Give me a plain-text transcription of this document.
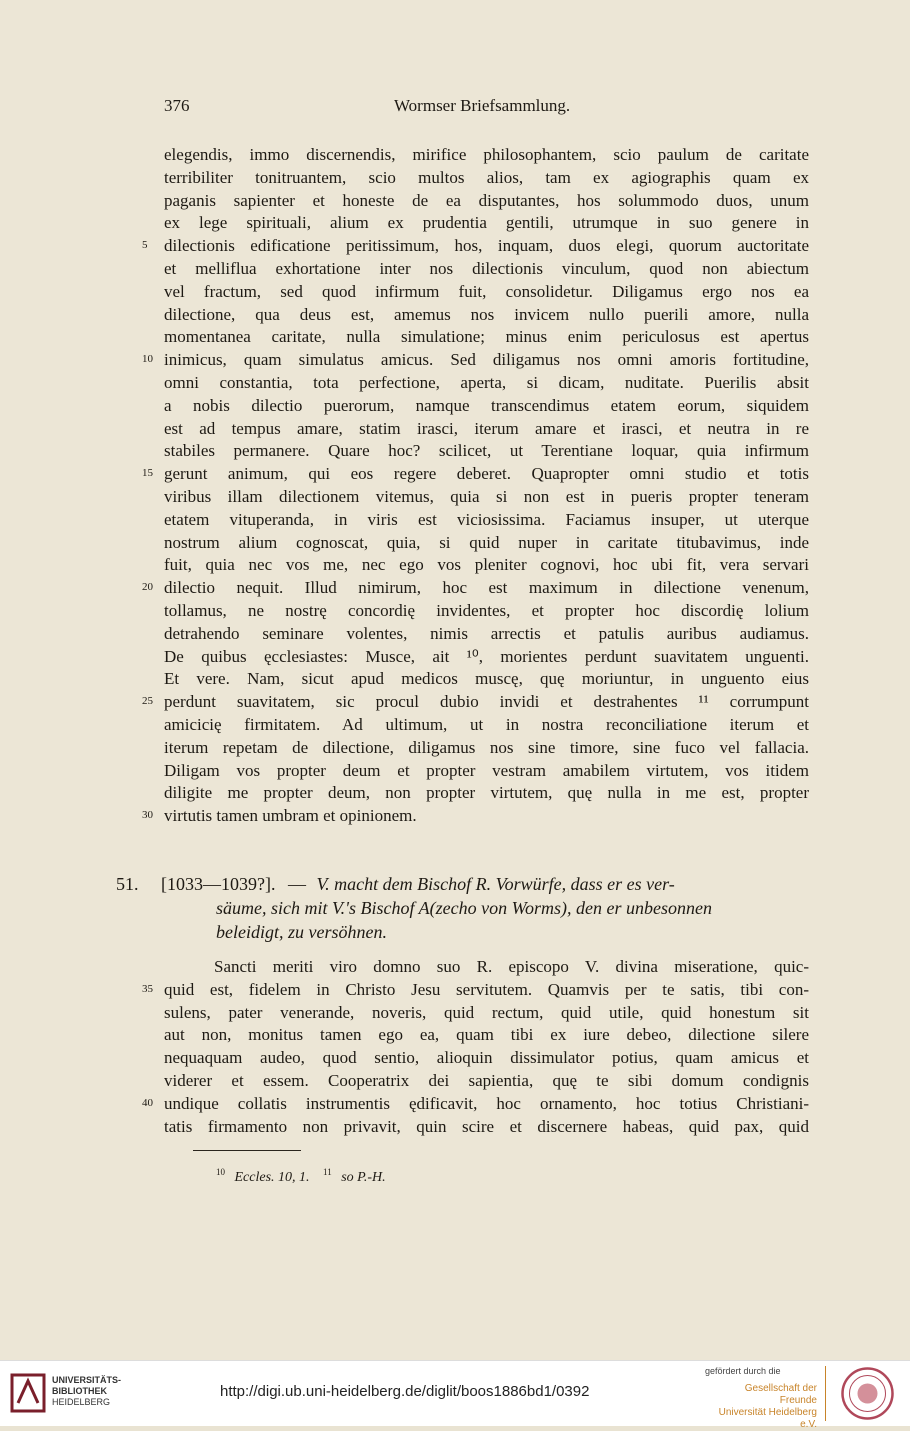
376	Wormser Briefsammlung.
elegendis, immo discernendis, mirifice philosophantem, scio paulum de caritate
terribiliter tonitruantem, scio multos alios, tam ex agiographis quam ex
paganis sapienter et honeste de ea disputantes, hos solummodo duos, unum
ex lege spirituali, alium ex prudentia gentili, utrumque in suo genere in
dilectionis edificatione peritissimum, hos, inquam, duos elegi, quorum auctoritate
5
et melliflua exhortatione inter nos dilectionis vinculum, quod non abiectum
vel fractum, sed quod infirmum fuit, consolidetur. Diligamus ergo nos ea
dilectione, qua deus est, amemus nos invicem nullo puerili amore, nulla
momentanea caritate, nulla simulatione; minus enim periculosus est apertus
inimicus, quam simulatus amicus. Sed diligamus nos omni amoris fortitudine,
10
omni constantia, tota perfectione, aperta, si dicam, nuditate. Puerilis absit
a nobis dilectio puerorum, namque transcendimus etatem eorum, siquidem
est ad tempus amare, statim irasci, iterum amare et irasci, et neutra in re
stabiles permanere. Quare hoc? scilicet, ut Terentiane loquar, quia infirmum
gerunt animum, qui eos regere deberet. Quapropter omni studio et totis
15
viribus illam dilectionem vitemus, quia si non est in pueris propter teneram
etatem vituperanda, in viris est viciosissima. Faciamus insuper, ut uterque
nostrum alium cognoscat, quia, si quid nuper in caritate titubavimus, inde
fuit, quia nec vos me, nec ego vos pleniter cognovi, hoc ubi fit, vera servari
dilectio nequit. Illud nimirum, hoc est maximum in dilectione venenum,
20
tollamus, ne nostrę concordię invidentes, et propter hoc discordię lolium
detrahendo seminare volentes, nimis arrectis et patulis auribus audiamus.
De quibus ęcclesiastes: Musce, ait ¹⁰, morientes perdunt suavitatem unguenti.
Et vere. Nam, sicut apud medicos muscę, quę moriuntur, in unguento eius
perdunt suavitatem, sic procul dubio invidi et destrahentes ¹¹ corrumpunt
25
amicicię firmitatem. Ad ultimum, ut in nostra reconciliatione iterum et
iterum repetam de dilectione, diligamus nos sine timore, sine fuco vel fallacia.
Diligam vos propter deum et propter vestram amabilem virtutem, vos itidem
diligite me propter deum, non propter virtutem, quę nulla in me est, propter
virtutis tamen umbram et opinionem.
30
51. [1033—1039?]. — V. macht dem Bischof R. Vorwürfe, dass er es ver-
säume, sich mit V.'s Bischof A(zecho von Worms), den er unbesonnen
beleidigt, zu versöhnen.
Sancti meriti viro domno suo R. episcopo V. divina miseratione, quic-
quid est, fidelem in Christo Jesu servitutem. Quamvis per te satis, tibi con-
35
sulens, pater venerande, noveris, quid rectum, quid utile, quid honestum sit
aut non, monitus tamen ego ea, quam tibi ex iure debeo, dilectione silere
nequaquam audeo, quod sentio, alioquin dissimulator potius, quam amicus et
viderer et essem. Cooperatrix dei sapientia, quę te sibi domum condignis
undique collatis instrumentis ędificavit, hoc ornamento, hoc totius Christiani-
40
tatis firmamento non privavit, quin scire et discernere habeas, quid pax, quid
$^{10}$ Eccles. 10, 1. $^{11}$ so P.-H.
UNIVERSITÄTS-
BIBLIOTHEK
HEIDELBERG
http://digi.ub.uni-heidelberg.de/diglit/boos1886bd1/0392
gefördert durch die
Gesellschaft der Freunde
Universität Heidelberg e.V.
